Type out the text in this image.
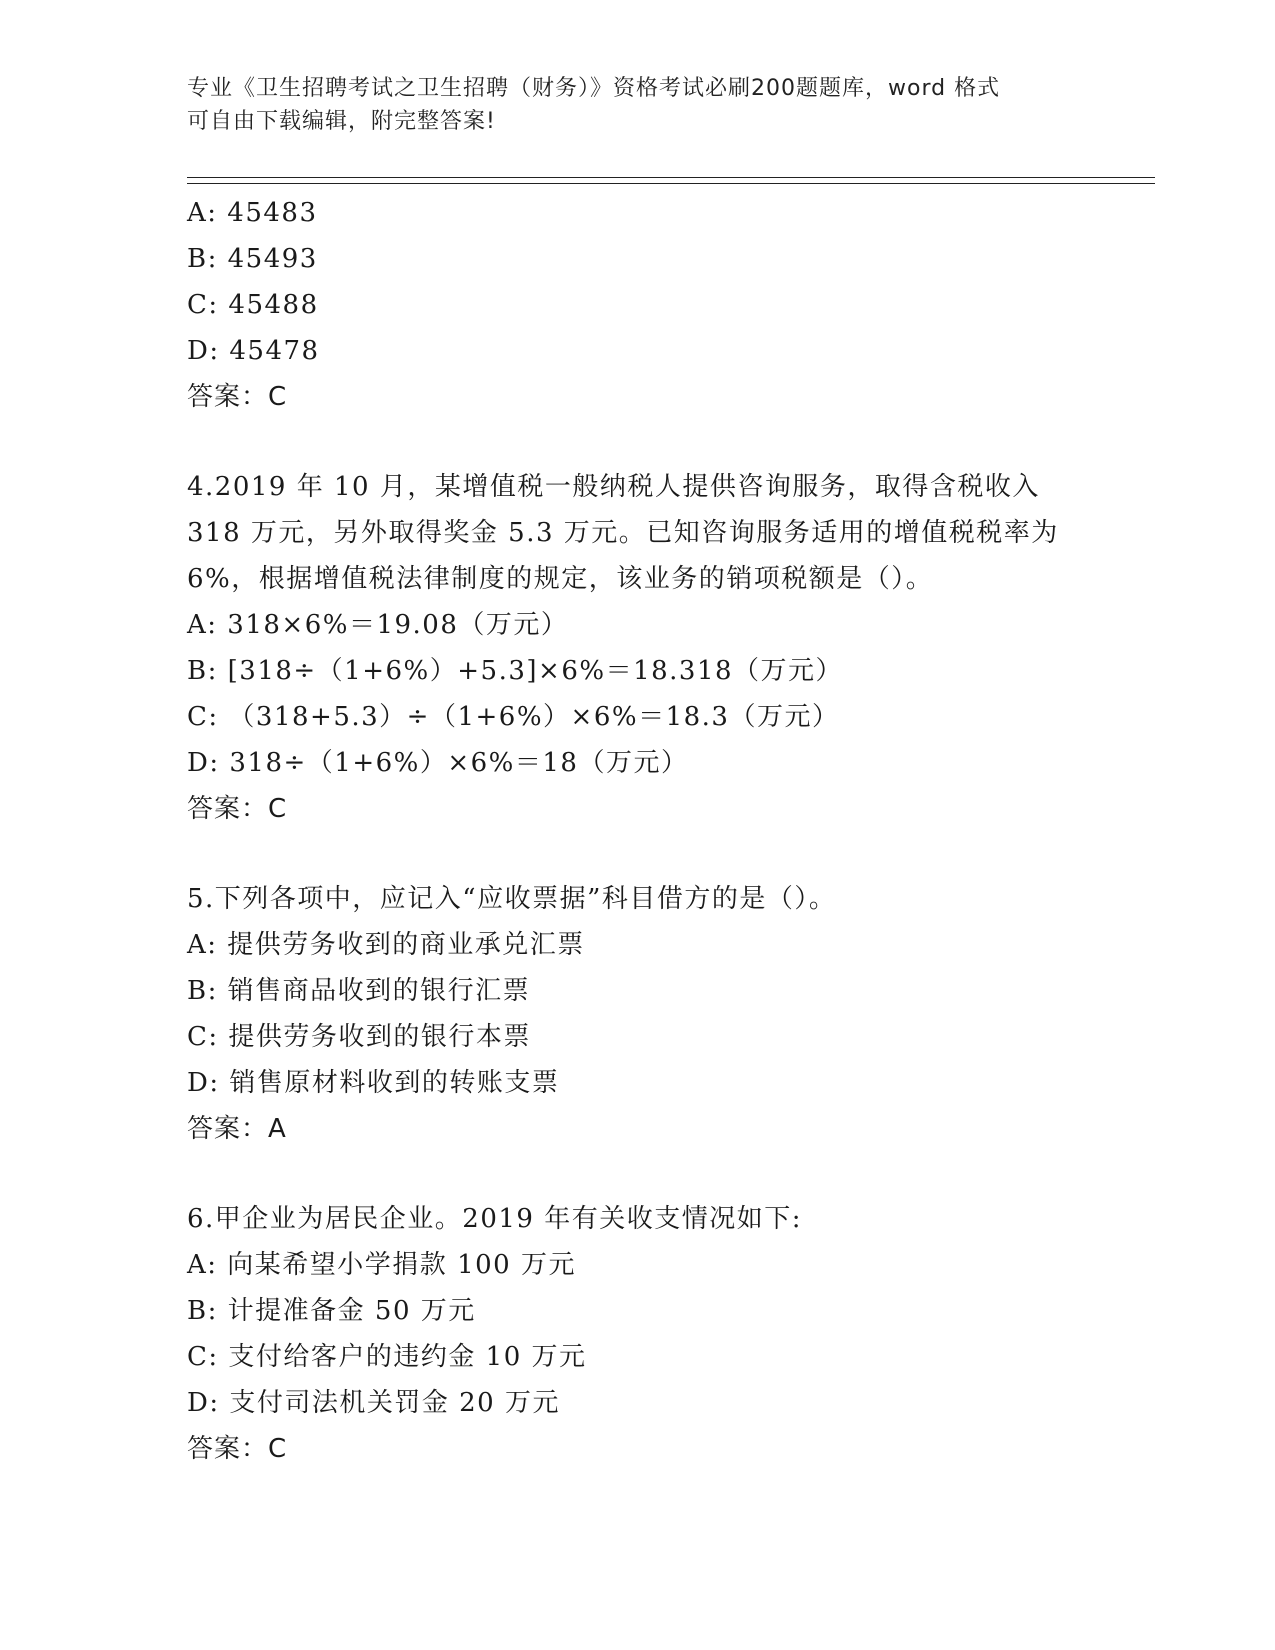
专业《卫生招聘考试之卫生招聘（财务）》资格考试必刷200题题库，word 格式
可自由下载编辑，附完整答案!
A: 45483
B: 45493
C: 45488
D: 45478
答案：C
4.2019 年 10 月，某增值税一般纳税人提供咨询服务，取得含税收入
318 万元，另外取得奖金 5.3 万元。已知咨询服务适用的增值税税率为
6%，根据增值税法律制度的规定，该业务的销项税额是（）。
A: 318×6%＝19.08（万元）
B: [318÷（1+6%）+5.3]×6%＝18.318（万元）
C: （318+5.3）÷（1+6%）×6%＝18.3（万元）
D: 318÷（1+6%）×6%＝18（万元）
答案：C
5.下列各项中，应记入“应收票据”科目借方的是（）。
A: 提供劳务收到的商业承兑汇票
B: 销售商品收到的银行汇票
C: 提供劳务收到的银行本票
D: 销售原材料收到的转账支票
答案：A
6.甲企业为居民企业。2019 年有关收支情况如下:
A: 向某希望小学捐款 100 万元
B: 计提准备金 50 万元
C: 支付给客户的违约金 10 万元
D: 支付司法机关罚金 20 万元
答案：C
